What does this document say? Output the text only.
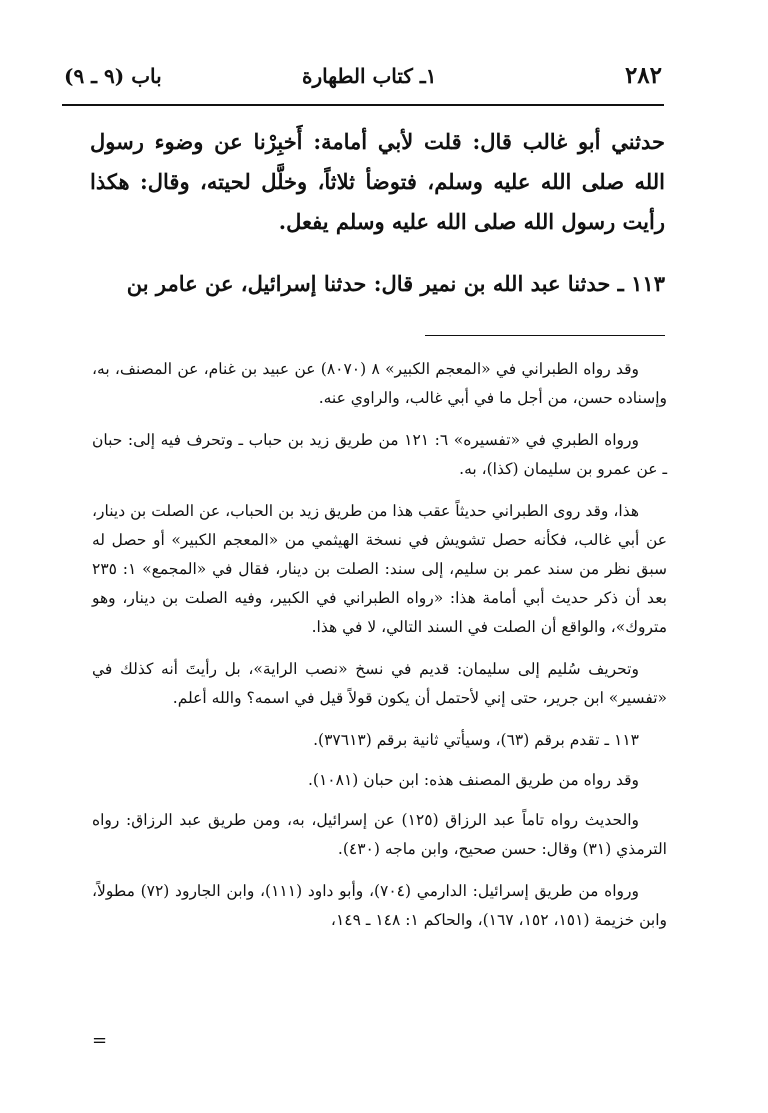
٢٨٢
١ـ كتاب الطهارة
باب (٩ ـ ٩)

حدثني أبو غالب قال: قلت لأبي أمامة: أَخبِرْنا عن وضوء رسول الله صلى الله عليه وسلم، فتوضأ ثلاثاً، وخلَّل لحيته، وقال: هكذا رأيت رسول الله صلى الله عليه وسلم يفعل.

١١٣ ـ حدثنا عبد الله بن نمير قال: حدثنا إسرائيل، عن عامر بن

وقد رواه الطبراني في «المعجم الكبير» ٨ (٨٠٧٠) عن عبيد بن غنام، عن المصنف، به، وإسناده حسن، من أجل ما في أبي غالب، والراوي عنه.

ورواه الطبري في «تفسيره» ٦: ١٢١ من طريق زيد بن حباب ـ وتحرف فيه إلى: حبان ـ عن عمرو بن سليمان (كذا)، به.

هذا، وقد روى الطبراني حديثاً عقب هذا من طريق زيد بن الحباب، عن الصلت بن دينار، عن أبي غالب، فكأنه حصل تشويش في نسخة الهيثمي من «المعجم الكبير» أو حصل له سبق نظر من سند عمر بن سليم، إلى سند: الصلت بن دينار، فقال في «المجمع» ١: ٢٣٥ بعد أن ذكر حديث أبي أمامة هذا: «رواه الطبراني في الكبير، وفيه الصلت بن دينار، وهو متروك»، والواقع أن الصلت في السند التالي، لا في هذا.

وتحريف سُليم إلى سليمان: قديم في نسخ «نصب الراية»، بل رأيتَ أنه كذلك في «تفسير» ابن جرير، حتى إني لأحتمل أن يكون قولاً قيل في اسمه؟ والله أعلم.

١١٣ ـ تقدم برقم (٦٣)، وسيأتي ثانية برقم (٣٧٦١٣).

وقد رواه من طريق المصنف هذه: ابن حبان (١٠٨١).

والحديث رواه تاماً عبد الرزاق (١٢٥) عن إسرائيل، به، ومن طريق عبد الرزاق: رواه الترمذي (٣١) وقال: حسن صحيح، وابن ماجه (٤٣٠).

ورواه من طريق إسرائيل: الدارمي (٧٠٤)، وأبو داود (١١١)، وابن الجارود (٧٢) مطولاً، وابن خزيمة (١٥١، ١٥٢، ١٦٧)، والحاكم ١: ١٤٨ ـ ١٤٩،

=
